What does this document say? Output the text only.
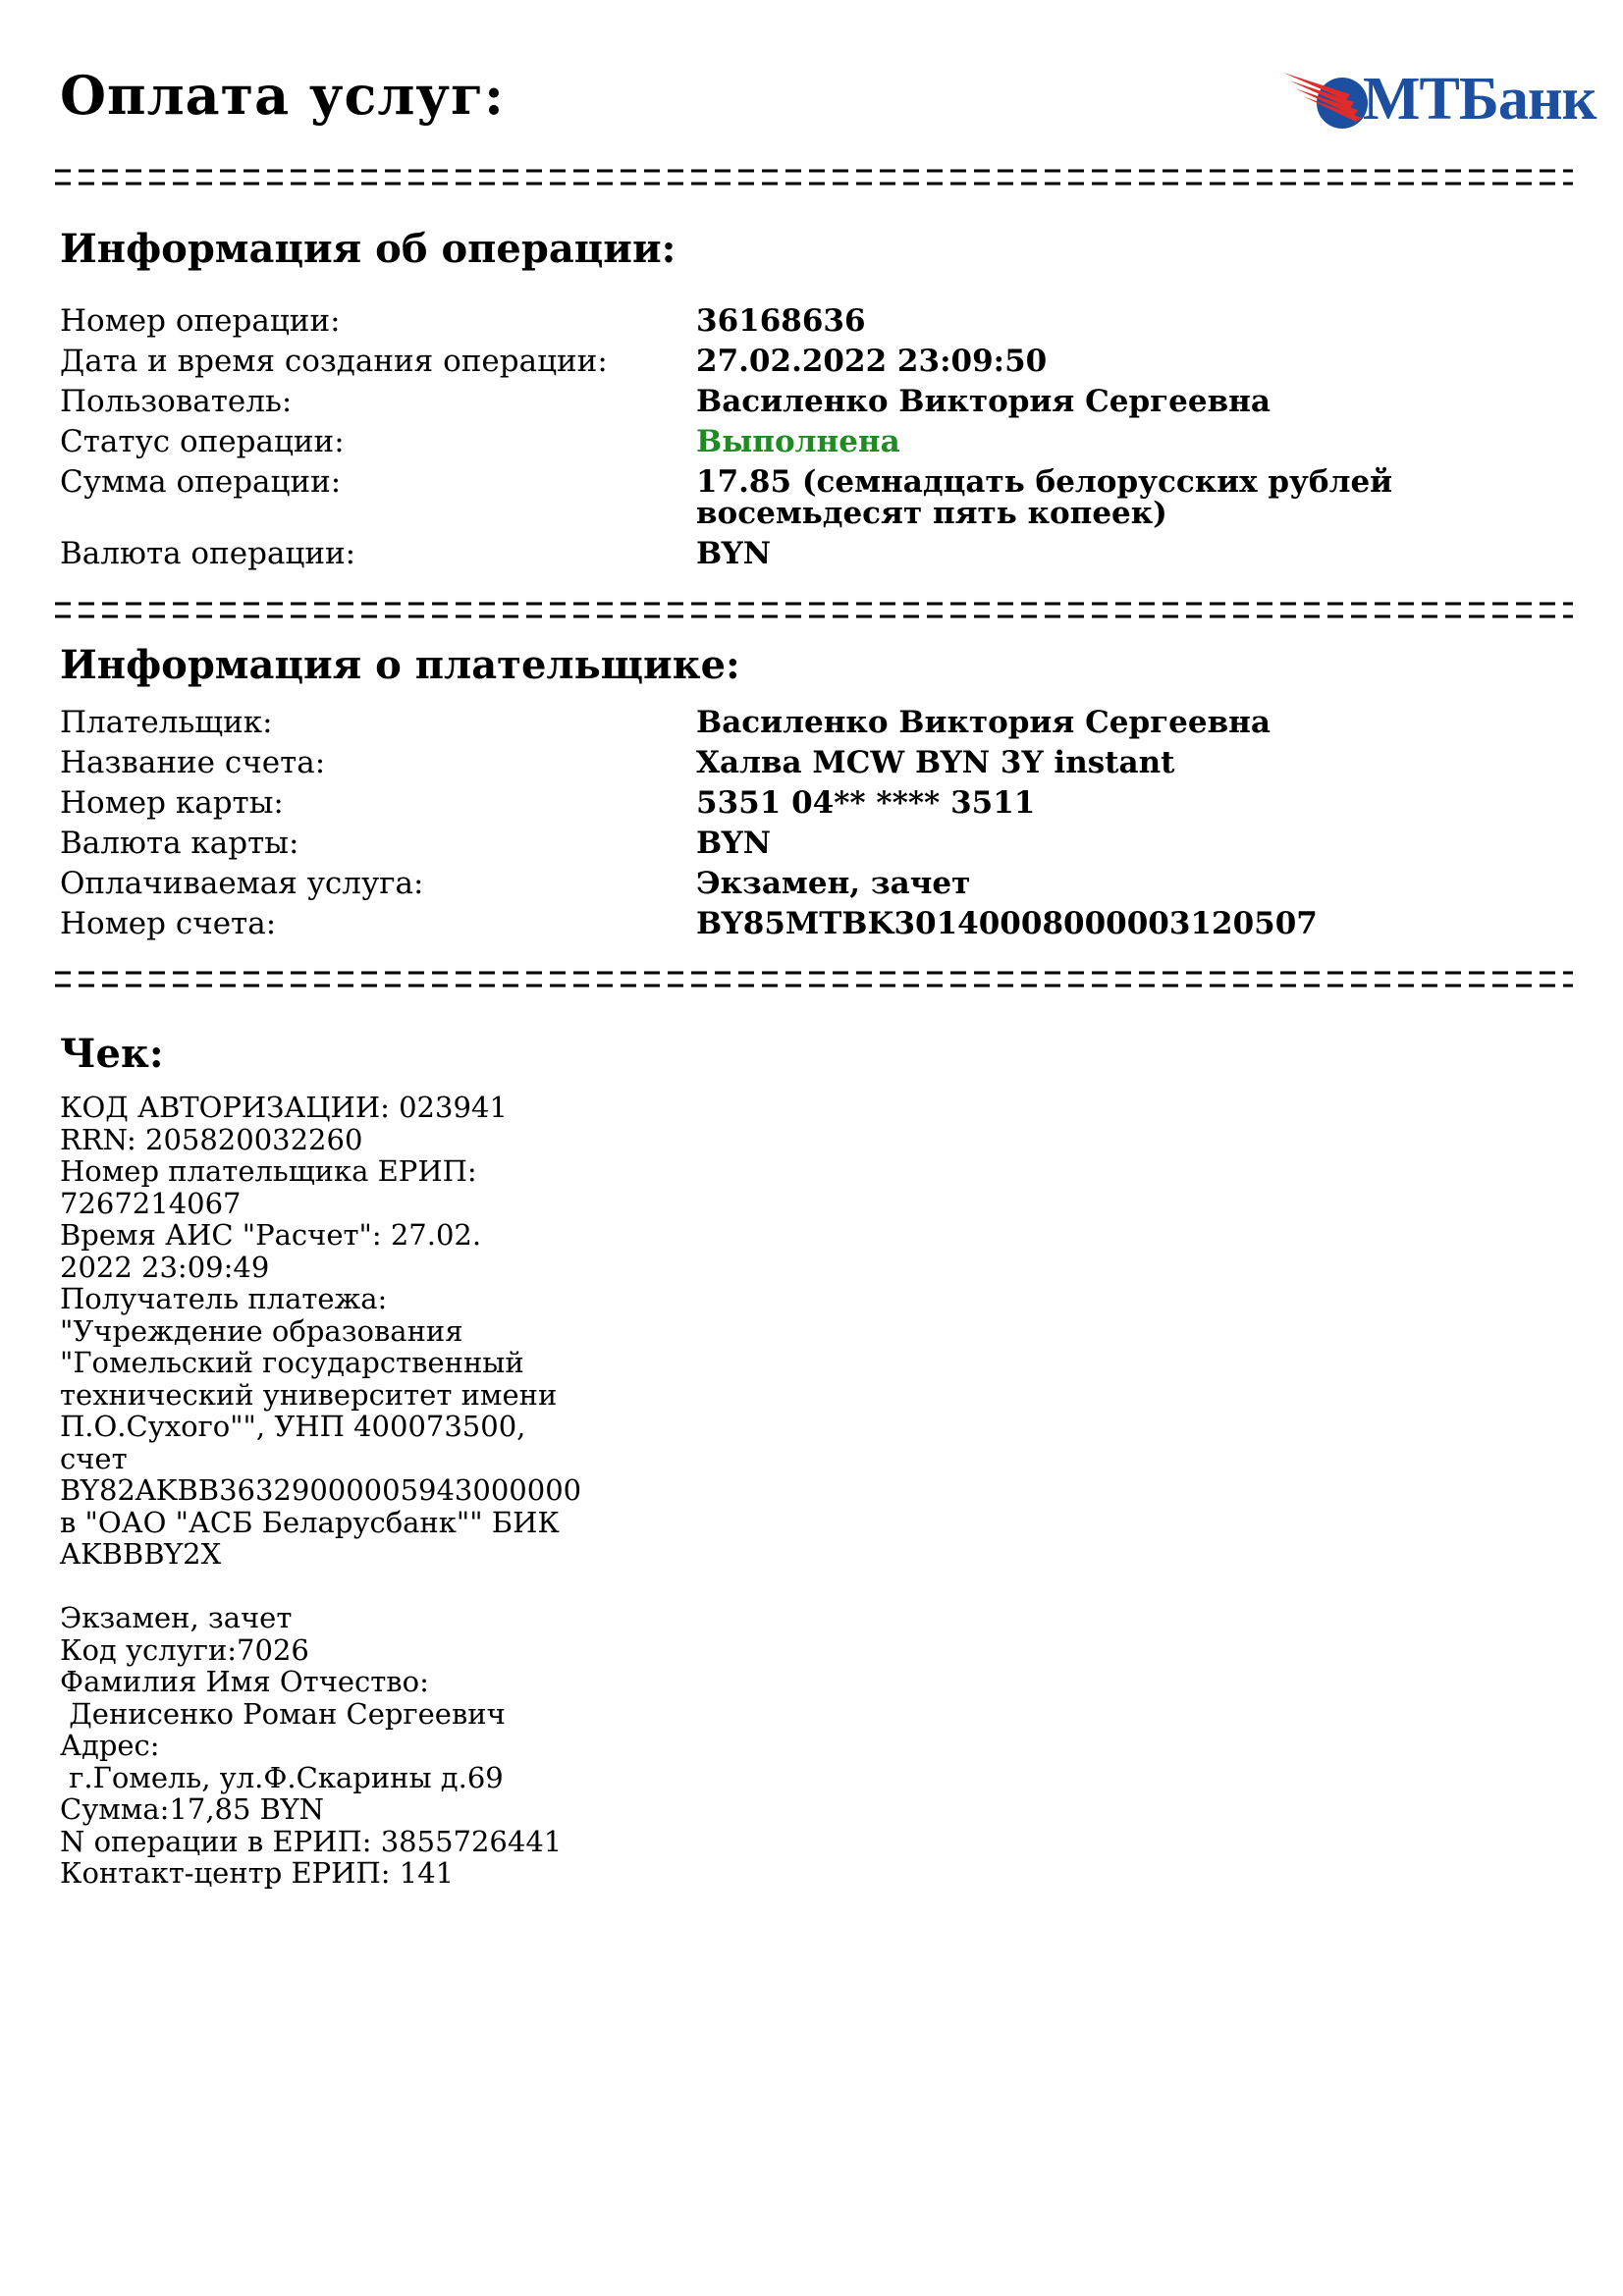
Оплата услуг:	МТБанк
Информация об операции:
Номер операции:	36168636
Дата и время создания операции:	27.02.2022 23:09:50
Пользователь:	Василенко Виктория Сергеевна
Статус операции:	Выполнена
Сумма операции:	17.85 (семнадцать белорусских рублей восемьдесят пять копеек)
Валюта операции:	BYN
Информация о плательщике:
Плательщик:	Василенко Виктория Сергеевна
Название счета:	Халва MCW BYN 3Y instant
Номер карты:	5351 04** **** 3511
Валюта карты:	BYN
Оплачиваемая услуга:	Экзамен, зачет
Номер счета:	BY85MTBK30140008000003120507
Чек:
КОД АВТОРИЗАЦИИ: 023941
RRN: 205820032260
Номер плательщика ЕРИП:
7267214067
Время АИС "Расчет": 27.02.
2022 23:09:49
Получатель платежа:
"Учреждение образования
"Гомельский государственный
технический университет имени
П.О.Сухого"", УНП 400073500,
счет
BY82AKBB36329000005943000000
в "ОАО "АСБ Беларусбанк"" БИК
AKBBBY2X
Экзамен, зачет
Код услуги:7026
Фамилия Имя Отчество:
Денисенко Роман Сергеевич
Адрес:
г.Гомель, ул.Ф.Скарины д.69
Сумма:17,85 BYN
N операции в ЕРИП: 3855726441
Контакт-центр ЕРИП: 141
